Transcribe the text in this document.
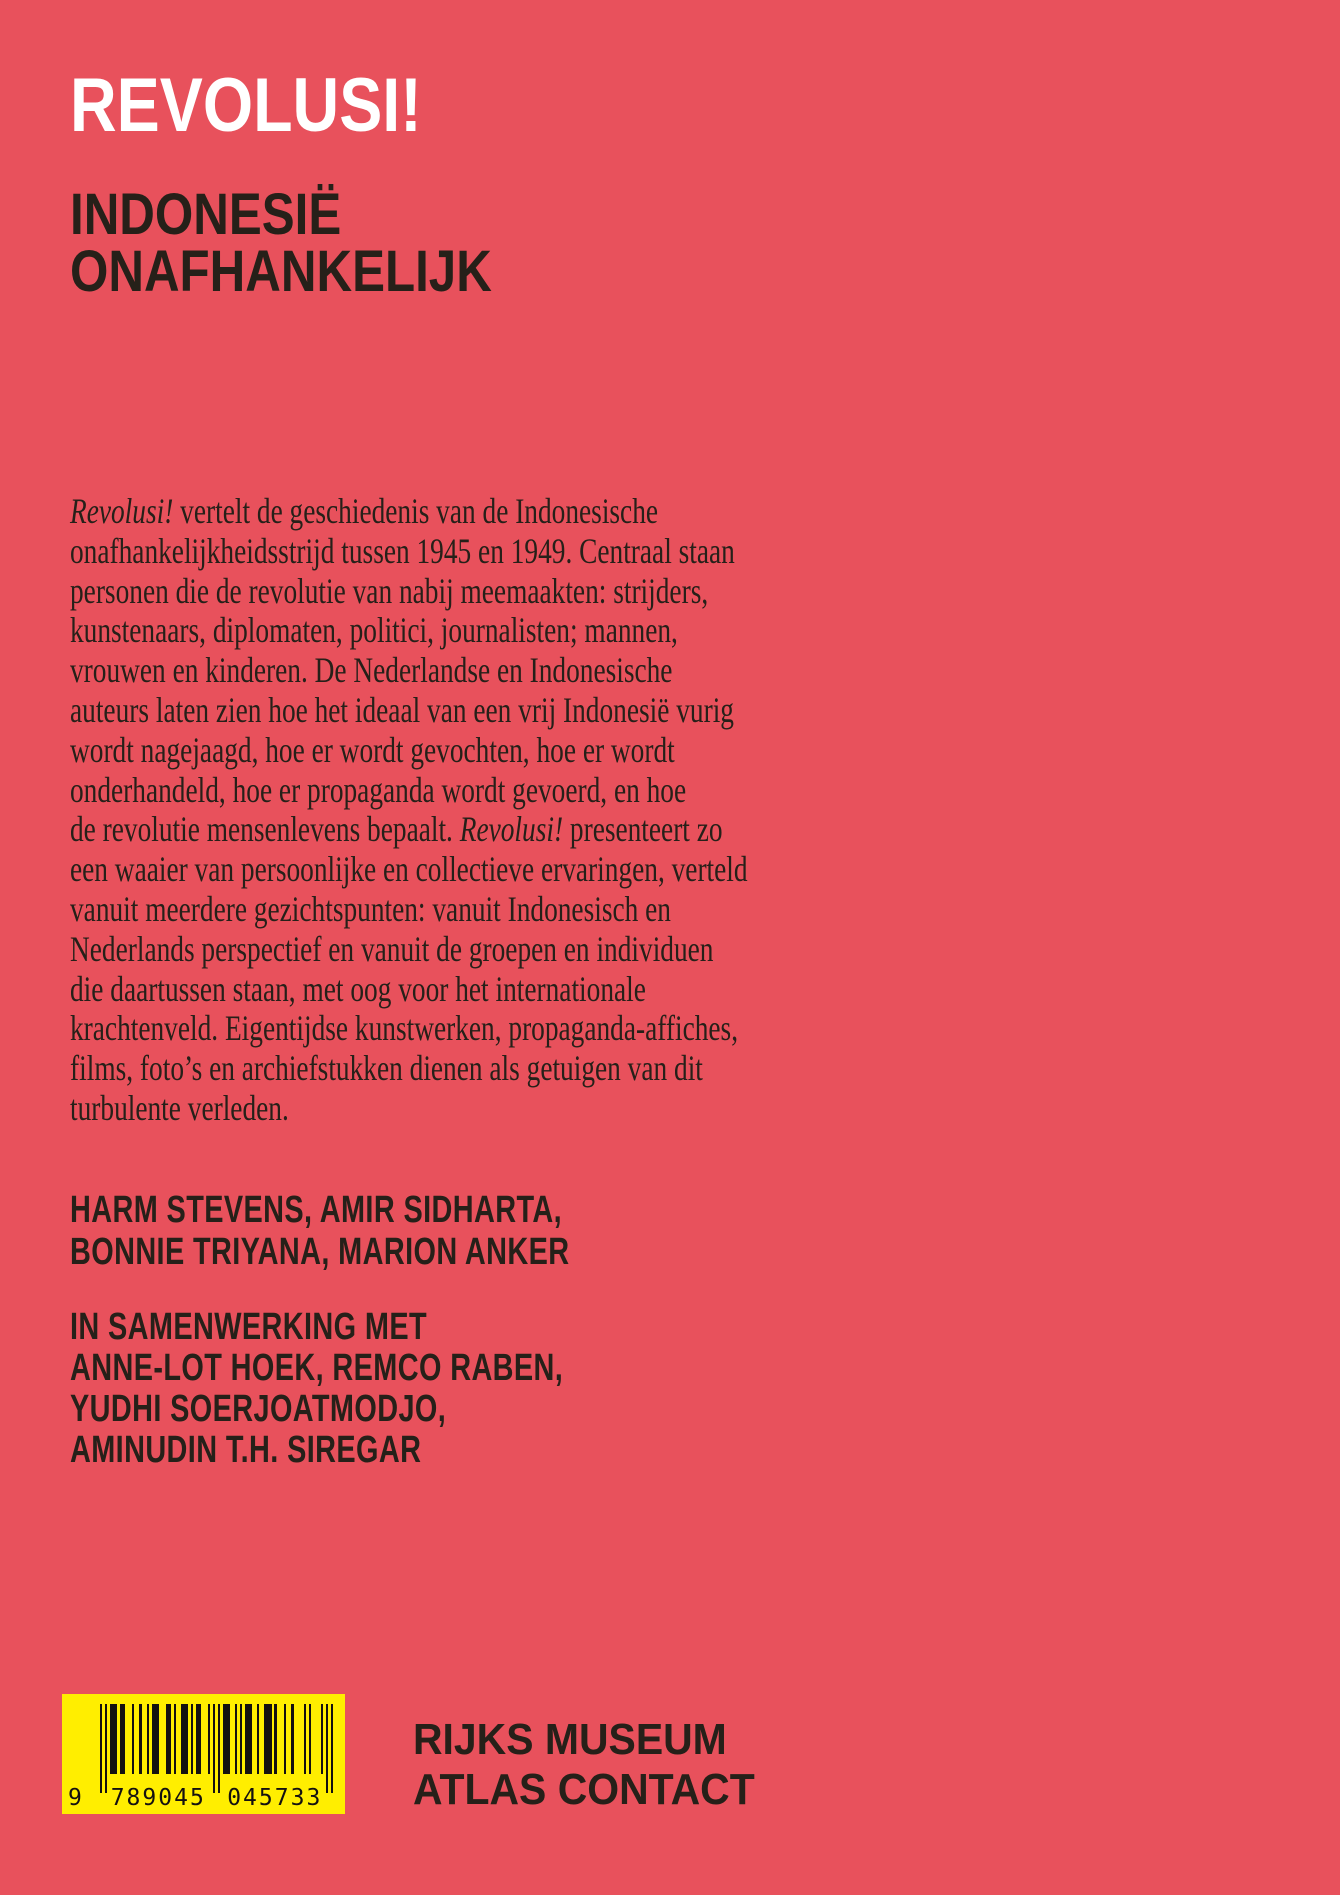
REVOLUSI!
INDONESIË
ONAFHANKELIJK

Revolusi! vertelt de geschiedenis van de Indonesische
onafhankelijkheidsstrijd tussen 1945 en 1949. Centraal staan
personen die de revolutie van nabij meemaakten: strijders,
kunstenaars, diplomaten, politici, journalisten; mannen,
vrouwen en kinderen. De Nederlandse en Indonesische
auteurs laten zien hoe het ideaal van een vrij Indonesië vurig
wordt nagejaagd, hoe er wordt gevochten, hoe er wordt
onderhandeld, hoe er propaganda wordt gevoerd, en hoe
de revolutie mensenlevens bepaalt. Revolusi! presenteert zo
een waaier van persoonlijke en collectieve ervaringen, verteld
vanuit meerdere gezichtspunten: vanuit Indonesisch en
Nederlands perspectief en vanuit de groepen en individuen
die daartussen staan, met oog voor het internationale
krachtenveld. Eigentijdse kunstwerken, propaganda-affiches,
films, foto’s en archiefstukken dienen als getuigen van dit
turbulente verleden.

HARM STEVENS, AMIR SIDHARTA,
BONNIE TRIYANA, MARION ANKER
IN SAMENWERKING MET
ANNE-LOT HOEK, REMCO RABEN,
YUDHI SOERJOATMODJO,
AMINUDIN T.H. SIREGAR
9	789045 045733
RIJKS MUSEUM
ATLAS CONTACT
